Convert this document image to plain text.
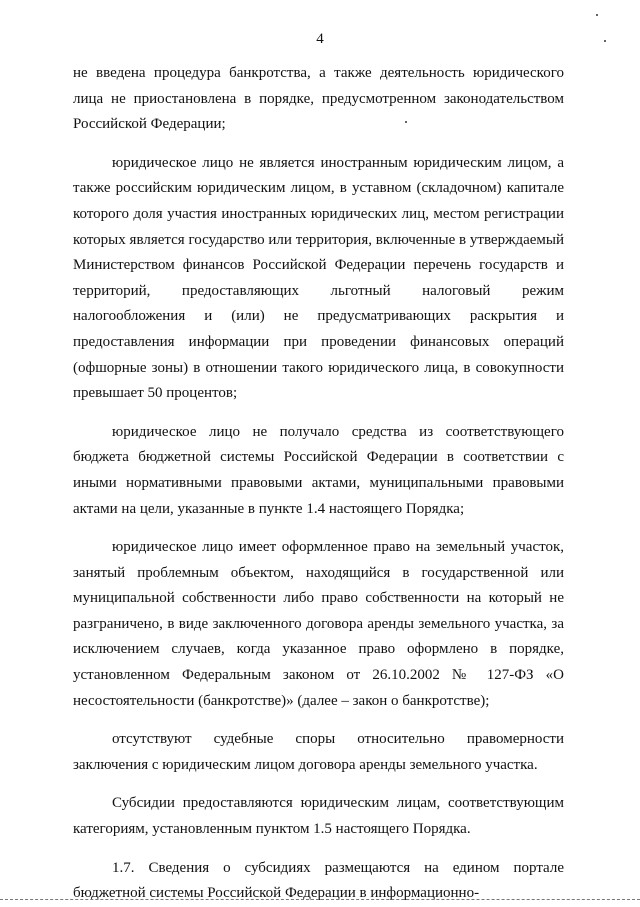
4

не введена процедура банкротства, а также деятельность юридического лица не приостановлена в порядке, предусмотренном законодательством Российской Федерации;

юридическое лицо не является иностранным юридическим лицом, а также российским юридическим лицом, в уставном (складочном) капитале которого доля участия иностранных юридических лиц, местом регистрации которых является государство или территория, включенные в утверждаемый Министерством финансов Российской Федерации перечень государств и территорий, предоставляющих льготный налоговый режим налогообложения и (или) не предусматривающих раскрытия и предоставления информации при проведении финансовых операций (офшорные зоны) в отношении такого юридического лица, в совокупности превышает 50 процентов;

юридическое лицо не получало средства из соответствующего бюджета бюджетной системы Российской Федерации в соответствии с иными нормативными правовыми актами, муниципальными правовыми актами на цели, указанные в пункте 1.4 настоящего Порядка;

юридическое лицо имеет оформленное право на земельный участок, занятый проблемным объектом, находящийся в государственной или муниципальной собственности либо право собственности на который не разграничено, в виде заключенного договора аренды земельного участка, за исключением случаев, когда указанное право оформлено в порядке, установленном Федеральным законом от 26.10.2002 № 127-ФЗ «О несостоятельности (банкротстве)» (далее – закон о банкротстве);

отсутствуют судебные споры относительно правомерности заключения с юридическим лицом договора аренды земельного участка.

Субсидии предоставляются юридическим лицам, соответствующим категориям, установленным пунктом 1.5 настоящего Порядка.

1.7. Сведения о субсидиях размещаются на едином портале бюджетной системы Российской Федерации в информационно-
